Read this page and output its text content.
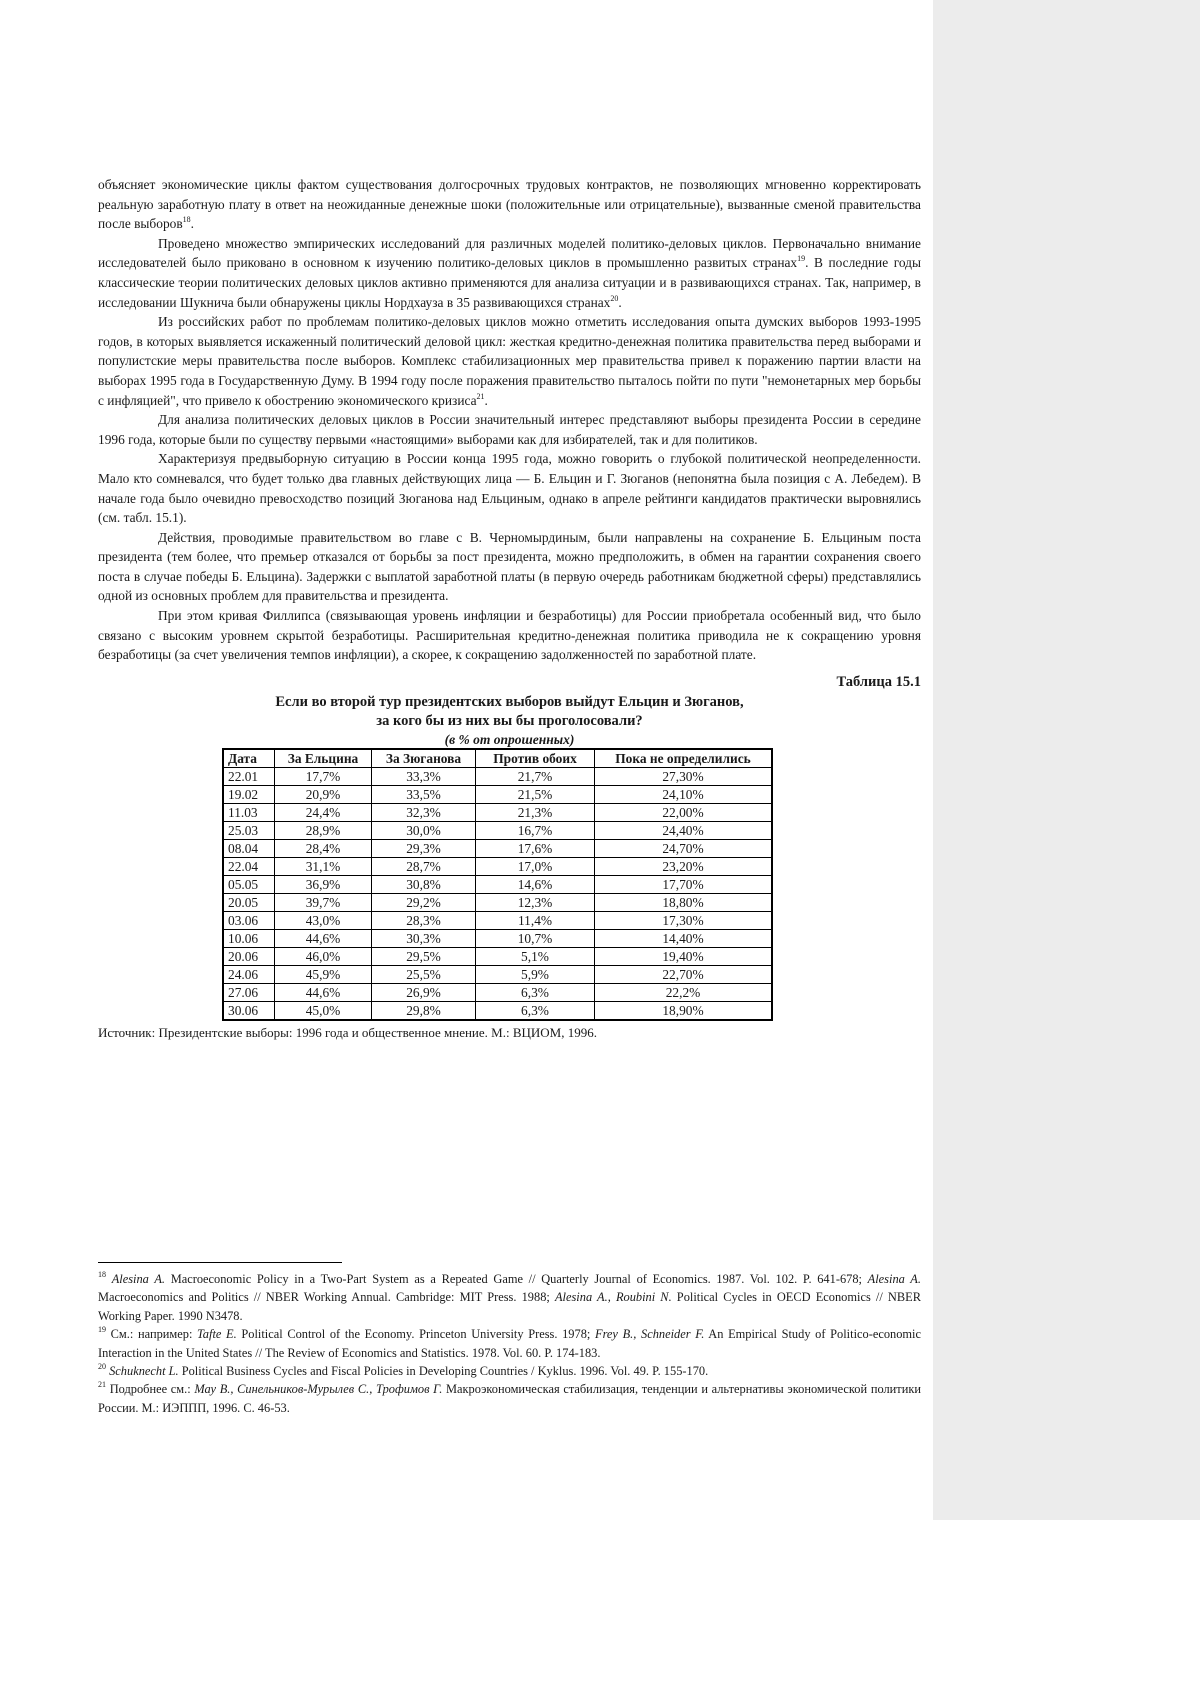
объясняет экономические циклы фактом существования долгосрочных трудовых контрактов, не позволяющих мгновенно корректировать реальную заработную плату в ответ на неожиданные денежные шоки (положительные или отрицательные), вызванные сменой правительства после выборов$^{18}$.

Проведено множество эмпирических исследований для различных моделей политико-деловых циклов. Первоначально внимание исследователей было приковано в основном к изучению политико-деловых циклов в промышленно развитых странах$^{19}$. В последние годы классические теории политических деловых циклов активно применяются для анализа ситуации и в развивающихся странах. Так, например, в исследовании Шукнича были обнаружены циклы Нордхауза в 35 развивающихся странах$^{20}$.

Из российских работ по проблемам политико-деловых циклов можно отметить исследования опыта думских выборов 1993-1995 годов, в которых выявляется искаженный политический деловой цикл: жесткая кредитно-денежная политика правительства перед выборами и популистские меры правительства после выборов. Комплекс стабилизационных мер правительства привел к поражению партии власти на выборах 1995 года в Государственную Думу. В 1994 году после поражения правительство пыталось пойти по пути "немонетарных мер борьбы с инфляцией", что привело к обострению экономического кризиса$^{21}$.

Для анализа политических деловых циклов в России значительный интерес представляют выборы президента России в середине 1996 года, которые были по существу первыми «настоящими» выборами как для избирателей, так и для политиков.

Характеризуя предвыборную ситуацию в России конца 1995 года, можно говорить о глубокой политической неопределенности. Мало кто сомневался, что будет только два главных действующих лица — Б. Ельцин и Г. Зюганов (непонятна была позиция с А. Лебедем). В начале года было очевидно превосходство позиций Зюганова над Ельциным, однако в апреле рейтинги кандидатов практически выровнялись (см. табл. 15.1).

Действия, проводимые правительством во главе с В. Черномырдиным, были направлены на сохранение Б. Ельциным поста президента (тем более, что премьер отказался от борьбы за пост президента, можно предположить, в обмен на гарантии сохранения своего поста в случае победы Б. Ельцина). Задержки с выплатой заработной платы (в первую очередь работникам бюджетной сферы) представлялись одной из основных проблем для правительства и президента.

При этом кривая Филлипса (связывающая уровень инфляции и безработицы) для России приобретала особенный вид, что было связано с высоким уровнем скрытой безработицы. Расширительная кредитно-денежная политика приводила не к сокращению уровня безработицы (за счет увеличения темпов инфляции), а скорее, к сокращению задолженностей по заработной плате.

Таблица 15.1
Если во второй тур президентских выборов выйдут Ельцин и Зюганов,
за кого бы из них вы бы проголосовали?
(в % от опрошенных)
Дата	За Ельцина	За Зюганова	Против обоих	Пока не определились
22.01	17,7%	33,3%	21,7%	27,30%
19.02	20,9%	33,5%	21,5%	24,10%
11.03	24,4%	32,3%	21,3%	22,00%
25.03	28,9%	30,0%	16,7%	24,40%
08.04	28,4%	29,3%	17,6%	24,70%
22.04	31,1%	28,7%	17,0%	23,20%
05.05	36,9%	30,8%	14,6%	17,70%
20.05	39,7%	29,2%	12,3%	18,80%
03.06	43,0%	28,3%	11,4%	17,30%
10.06	44,6%	30,3%	10,7%	14,40%
20.06	46,0%	29,5%	5,1%	19,40%
24.06	45,9%	25,5%	5,9%	22,70%
27.06	44,6%	26,9%	6,3%	22,2%
30.06	45,0%	29,8%	6,3%	18,90%
Источник: Президентские выборы: 1996 года и общественное мнение. М.: ВЦИОМ, 1996.

$^{18}$ Alesina A. Macroeconomic Policy in a Two-Part System as a Repeated Game // Quarterly Journal of Economics. 1987. Vol. 102. P. 641-678; Alesina A. Macroeconomics and Politics // NBER Working Annual. Cambridge: MIT Press. 1988; Alesina A., Roubini N. Political Cycles in OECD Economics // NBER Working Paper. 1990 N3478.

$^{19}$ См.: например: Tafte E. Political Control of the Economy. Princeton University Press. 1978; Frey B., Schneider F. An Empirical Study of Politico-economic Interaction in the United States // The Review of Economics and Statistics. 1978. Vol. 60. P. 174-183.

$^{20}$ Schuknecht L. Political Business Cycles and Fiscal Policies in Developing Countries / Kyklus. 1996. Vol. 49. P. 155-170.

$^{21}$ Подробнее см.: Мау В., Синельников-Мурылев С., Трофимов Г. Макроэкономическая стабилизация, тенденции и альтернативы экономической политики России. М.: ИЭППП, 1996. С. 46-53.
